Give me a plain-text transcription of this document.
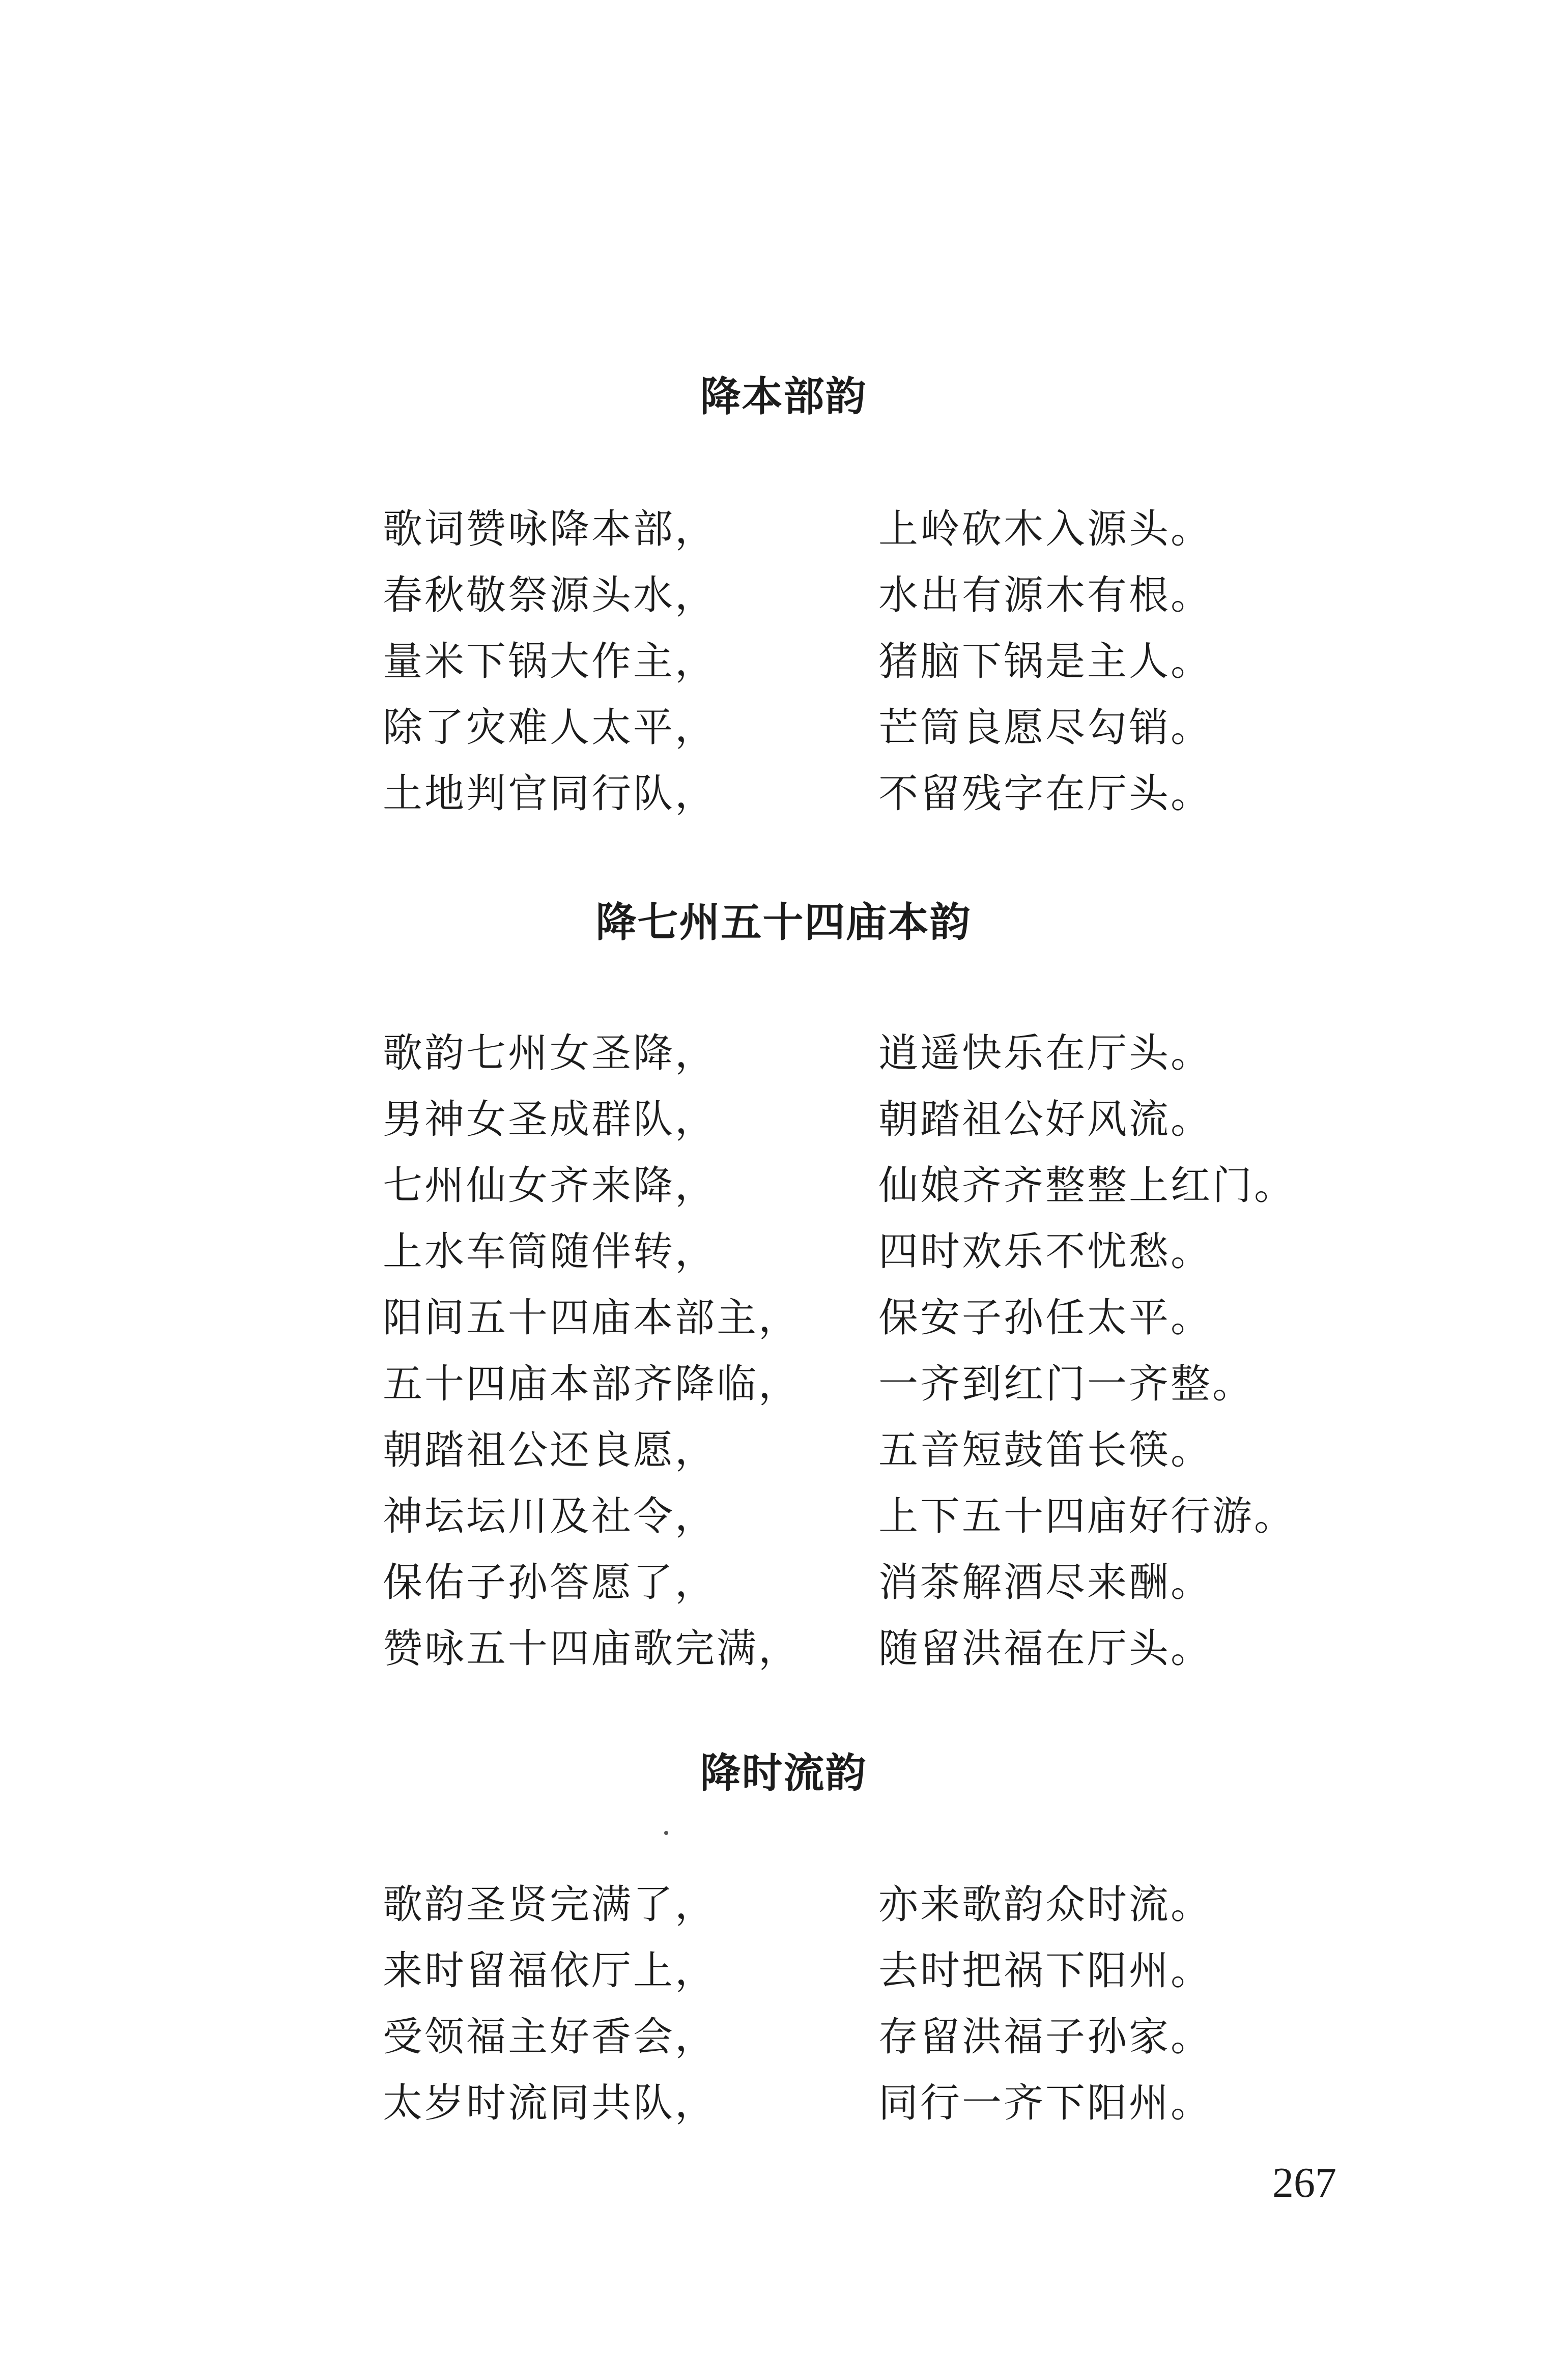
降本部韵
歌词赞咏降本部，	上岭砍木入源头。
春秋敬祭源头水，	水出有源木有根。
量米下锅大作主，	猪脑下锅是主人。
除了灾难人太平，	芒筒良愿尽勾销。
土地判官同行队，	不留残字在厅头。
降七州五十四庙本韵
歌韵七州女圣降，	逍遥快乐在厅头。
男神女圣成群队，	朝踏祖公好风流。
七州仙女齐来降，	仙娘齐齐整整上红门。
上水车筒随伴转，	四时欢乐不忧愁。
阳间五十四庙本部主， 保安子孙任太平。
五十四庙本部齐降临， 一齐到红门一齐整。
朝踏祖公还良愿，	五音短鼓笛长筷。
神坛坛川及社令，	上下五十四庙好行游。
保佑子孙答愿了，	消茶解酒尽来酬。
赞咏五十四庙歌完满， 随留洪福在厅头。
降时流韵
歌韵圣贤完满了，	亦来歌韵众时流。
来时留福依厅上，	去时把祸下阳州。
受领福主好香会，	存留洪福子孙家。
太岁时流同共队，	同行一齐下阳州。
267
